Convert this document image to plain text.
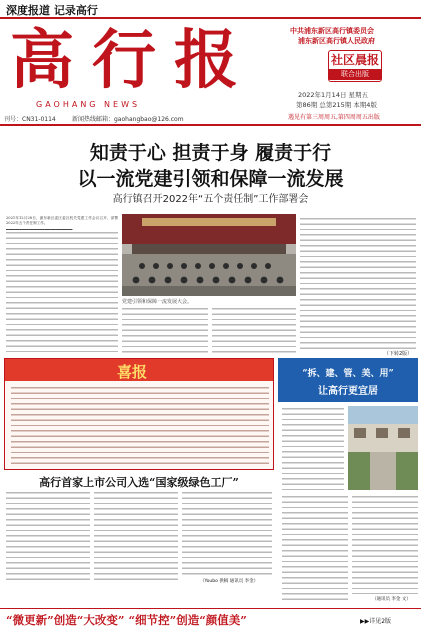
深度报道 记录高行
高行报
GAOHANG NEWS
刊号：CN31-0114	新闻热线邮箱：gaohangbao@126.com
中共浦东新区高行镇委员会
浦东新区高行镇人民政府
社区晨报
联合出版
2022年1月14日 星期五
第86期 总第215期 本期4版
遇见有第三周周五,第四周周五出版
知责于心 担责于身 履责于行
以一流党建引领和保障一流发展
高行镇召开2022年“五个责任制”工作部署会
2021年12月28日，浦东新区委区委区机关党建工作会议召开，部署2022年五个责任制工作。
党建引领和保障一流发展大会。
（下转2版）
喜报
高行首家上市公司入选“国家级绿色工厂”
（Youbo 供稿 通讯员 李金）
“拆、建、管、美、用”
让高行更宜居
（通讯员 李金 文）
“微更新”创造“大改变” “细节控”创造“颜值美”	▶▶详见2版
